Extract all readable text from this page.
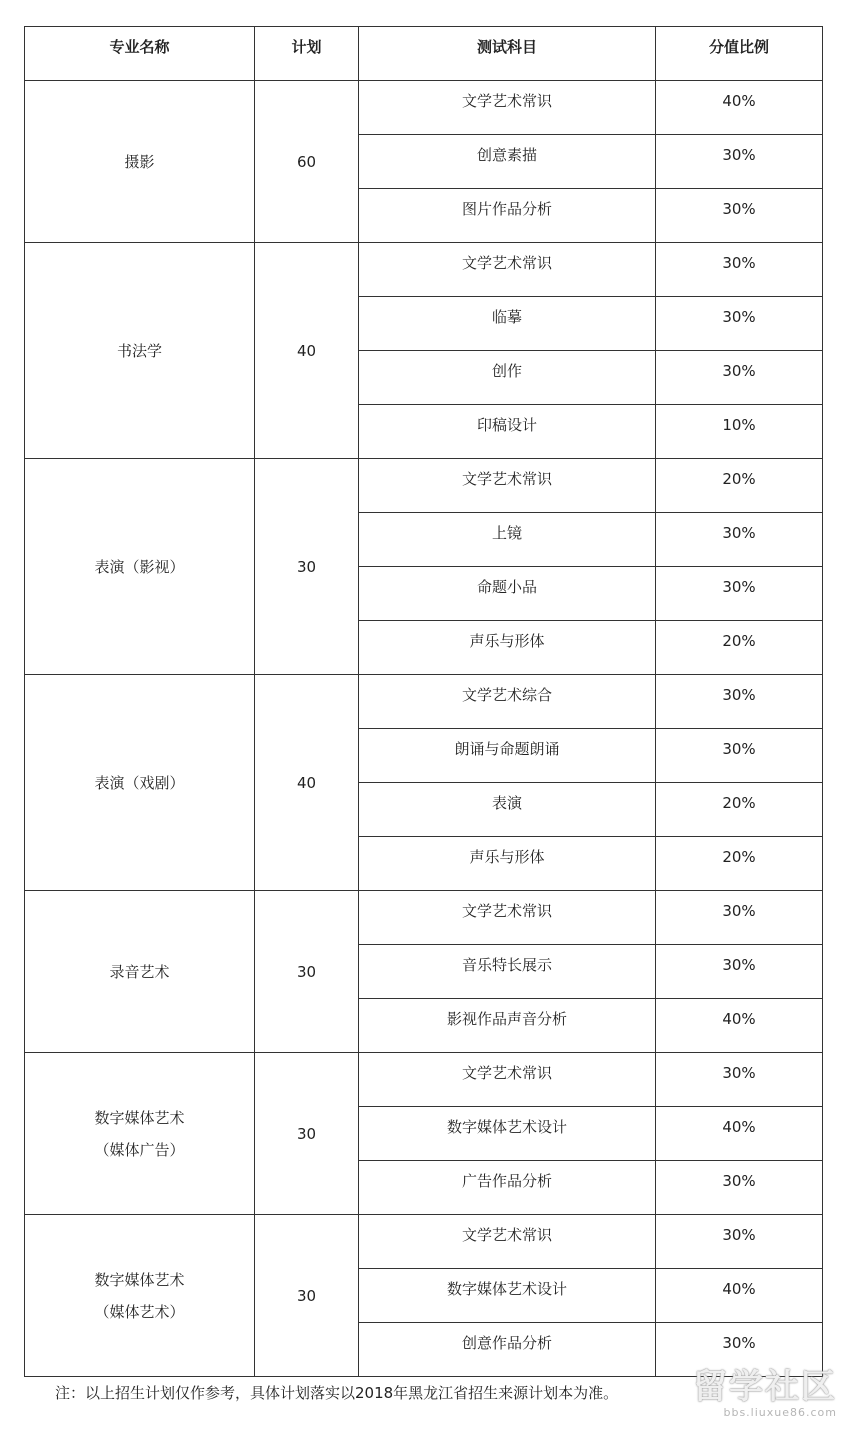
专业名称	计划	测试科目	分值比例

摄影	60	文学艺术常识	40%
		创意素描	30%
		图片作品分析	30%

书法学	40	文学艺术常识	30%
		临摹	30%
		创作	30%
		印稿设计	10%

表演（影视）	30	文学艺术常识	20%
		上镜	30%
		命题小品	30%
		声乐与形体	20%

表演（戏剧）	40	文学艺术综合	30%
		朗诵与命题朗诵	30%
		表演	20%
		声乐与形体	20%

录音艺术	30	文学艺术常识	30%
		音乐特长展示	30%
		影视作品声音分析	40%

数字媒体艺术
（媒体广告）	30	文学艺术常识	30%
		数字媒体艺术设计	40%
		广告作品分析	30%

数字媒体艺术
（媒体艺术）	30	文学艺术常识	30%
		数字媒体艺术设计	40%
		创意作品分析	30%
注：以上招生计划仅作参考，具体计划落实以2018年黑龙江省招生来源计划本为准。 留学社区
bbs.liuxue86.com
